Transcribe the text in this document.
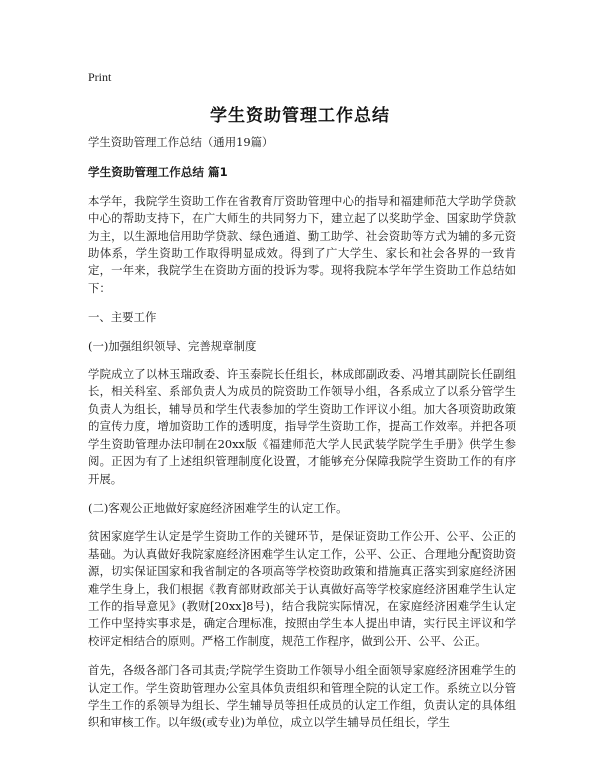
Print
学生资助管理工作总结

学生资助管理工作总结（通用19篇）

学生资助管理工作总结 篇1

本学年，我院学生资助工作在省教育厅资助管理中心的指导和福建师范大学助学贷款中心的帮助支持下，在广大师生的共同努力下，建立起了以奖助学金、国家助学贷款为主，以生源地信用助学贷款、绿色通道、勤工助学、社会资助等方式为辅的多元资助体系，学生资助工作取得明显成效。得到了广大学生、家长和社会各界的一致肯定，一年来，我院学生在资助方面的投诉为零。现将我院本学年学生资助工作总结如下：

一、主要工作

(一)加强组织领导、完善规章制度

学院成立了以林玉瑞政委、许玉泰院长任组长，林成郎副政委、冯增其副院长任副组长，相关科室、系部负责人为成员的院资助工作领导小组，各系成立了以系分管学生负责人为组长，辅导员和学生代表参加的学生资助工作评议小组。加大各项资助政策的宣传力度，增加资助工作的透明度，指导学生资助工作，提高工作效率。并把各项学生资助管理办法印制在20xx版《福建师范大学人民武装学院学生手册》供学生参阅。正因为有了上述组织管理制度化设置，才能够充分保障我院学生资助工作的有序开展。

(二)客观公正地做好家庭经济困难学生的认定工作。

贫困家庭学生认定是学生资助工作的关键环节，是保证资助工作公开、公平、公正的基础。为认真做好我院家庭经济困难学生认定工作，公平、公正、合理地分配资助资源，切实保证国家和我省制定的各项高等学校资助政策和措施真正落实到家庭经济困难学生身上，我们根据《教育部财政部关于认真做好高等学校家庭经济困难学生认定工作的指导意见》(教财[20xx]8号)，结合我院实际情况，在家庭经济困难学生认定工作中坚持实事求是，确定合理标准，按照由学生本人提出申请，实行民主评议和学校评定相结合的原则。严格工作制度，规范工作程序，做到公开、公平、公正。

首先，各级各部门各司其责;学院学生资助工作领导小组全面领导家庭经济困难学生的认定工作。学生资助管理办公室具体负责组织和管理全院的认定工作。系统立以分管学生工作的系领导为组长、学生辅导员等担任成员的认定工作组，负责认定的具体组织和审核工作。以年级(或专业)为单位，成立以学生辅导员任组长，学生
